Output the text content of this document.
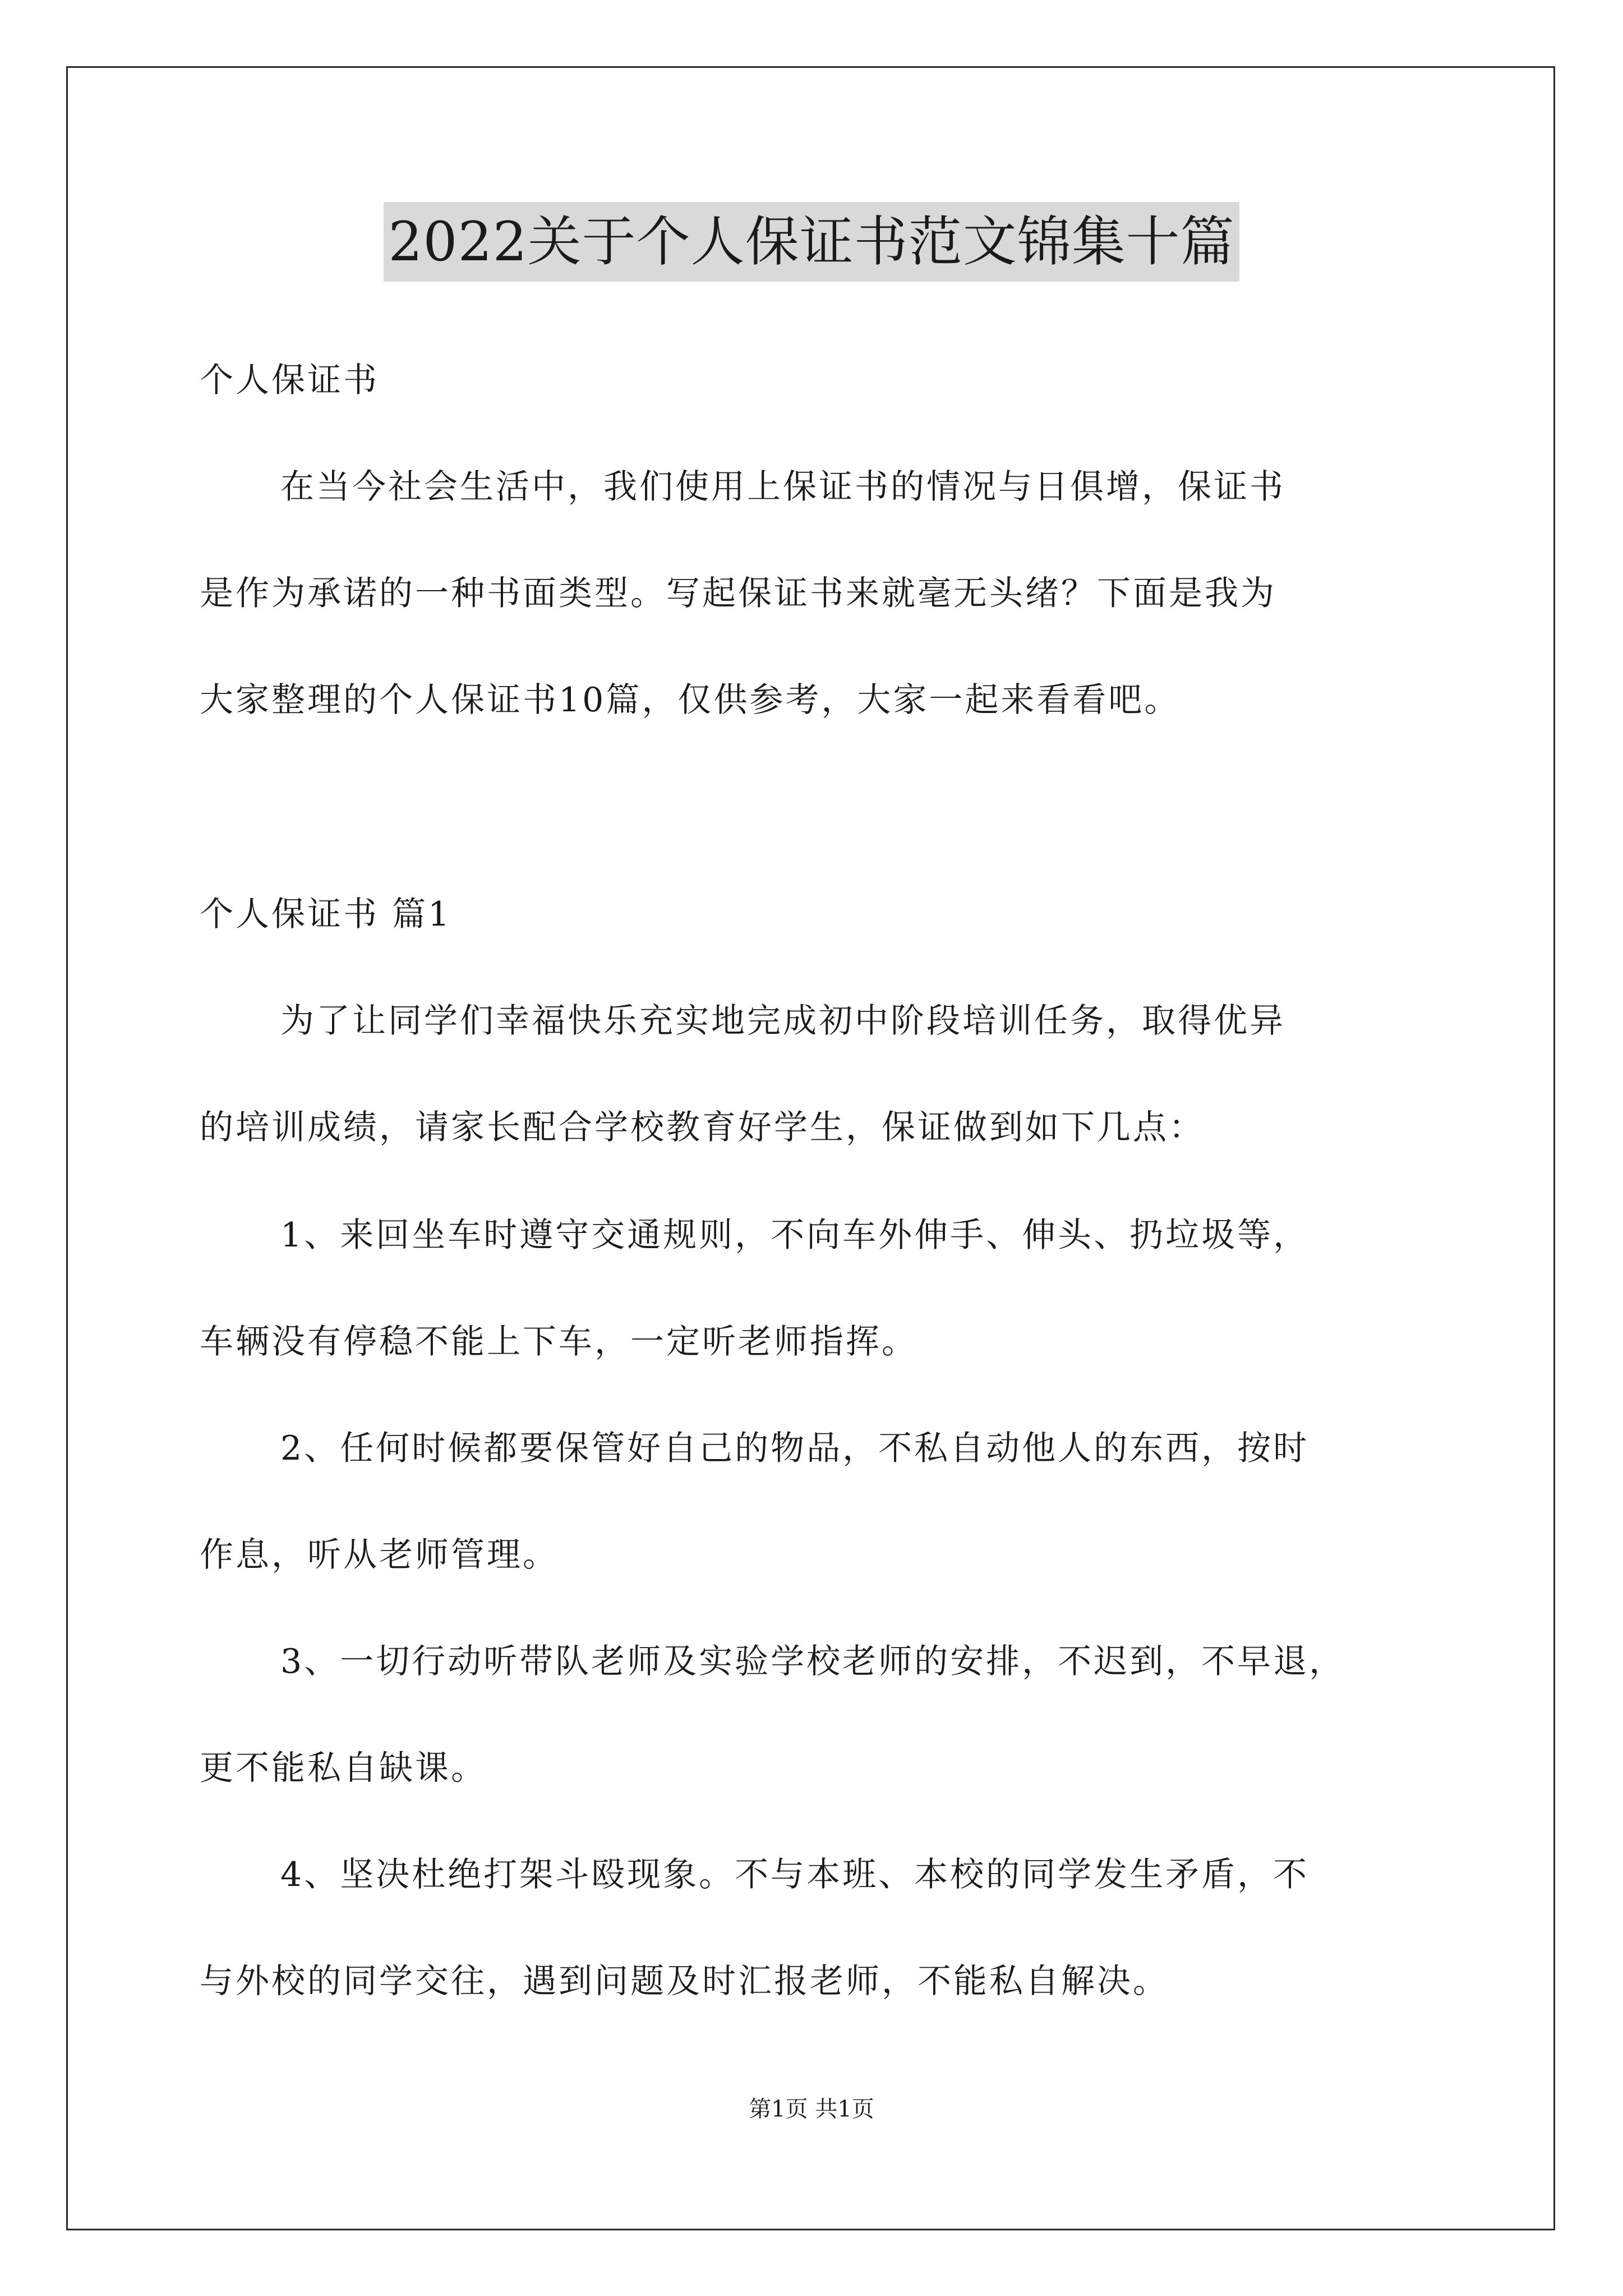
2022关于个人保证书范文锦集十篇
个人保证书
在当今社会生活中，我们使用上保证书的情况与日俱增，保证书
是作为承诺的一种书面类型。写起保证书来就毫无头绪？下面是我为
大家整理的个人保证书10篇，仅供参考，大家一起来看看吧。
个人保证书 篇1
为了让同学们幸福快乐充实地完成初中阶段培训任务，取得优异
的培训成绩，请家长配合学校教育好学生，保证做到如下几点：
1、来回坐车时遵守交通规则，不向车外伸手、伸头、扔垃圾等，
车辆没有停稳不能上下车，一定听老师指挥。
2、任何时候都要保管好自己的物品，不私自动他人的东西，按时
作息，听从老师管理。
3、一切行动听带队老师及实验学校老师的安排，不迟到，不早退，
更不能私自缺课。
4、坚决杜绝打架斗殴现象。不与本班、本校的同学发生矛盾，不
与外校的同学交往，遇到问题及时汇报老师，不能私自解决。
第1页 共1页
